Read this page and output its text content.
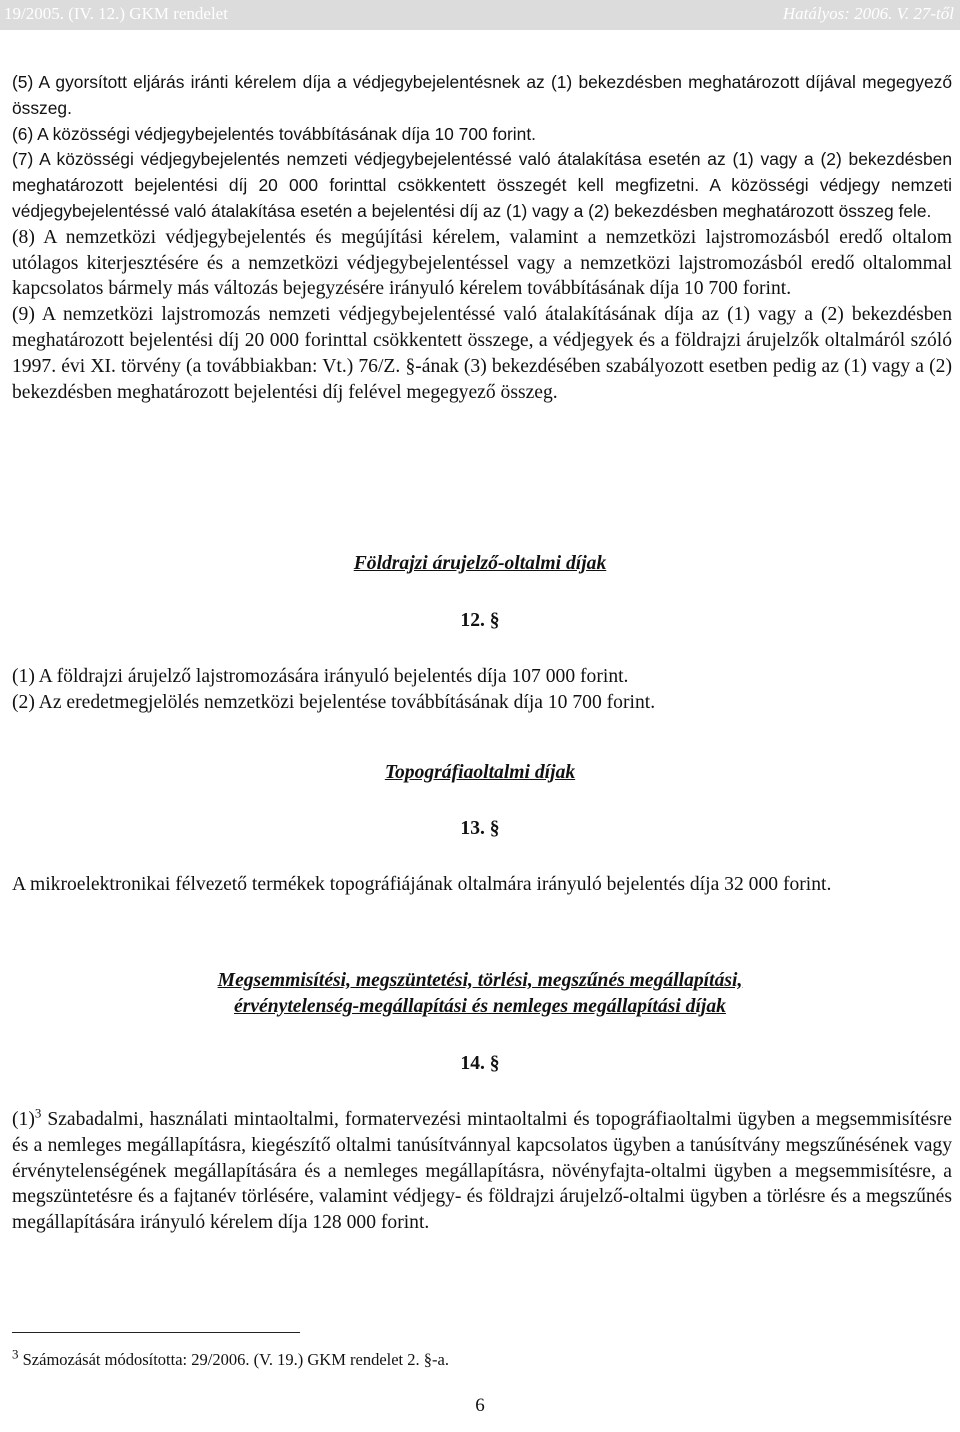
19/2005. (IV. 12.) GKM rendelet	Hatályos: 2006. V. 27-től

(5) A gyorsított eljárás iránti kérelem díja a védjegybejelentésnek az (1) bekezdésben meghatározott díjával megegyező összeg.

(6) A közösségi védjegybejelentés továbbításának díja 10 700 forint.

(7) A közösségi védjegybejelentés nemzeti védjegybejelentéssé való átalakítása esetén az (1) vagy a (2) bekezdésben meghatározott bejelentési díj 20 000 forinttal csökkentett összegét kell megfizetni. A közösségi védjegy nemzeti védjegybejelentéssé való átalakítása esetén a bejelentési díj az (1) vagy a (2) bekezdésben meghatározott összeg fele.

(8) A nemzetközi védjegybejelentés és megújítási kérelem, valamint a nemzetközi lajstromozásból eredő oltalom utólagos kiterjesztésére és a nemzetközi védjegybejelentéssel vagy a nemzetközi lajstromozásból eredő oltalommal kapcsolatos bármely más változás bejegyzésére irányuló kérelem továbbításának díja 10 700 forint.

(9) A nemzetközi lajstromozás nemzeti védjegybejelentéssé való átalakításának díja az (1) vagy a (2) bekezdésben meghatározott bejelentési díj 20 000 forinttal csökkentett összege, a védjegyek és a földrajzi árujelzők oltalmáról szóló 1997. évi XI. törvény (a továbbiakban: Vt.) 76/Z. §-ának (3) bekezdésében szabályozott esetben pedig az (1) vagy a (2) bekezdésben meghatározott bejelentési díj felével megegyező összeg.

Földrajzi árujelző-oltalmi díjak
12. §

(1) A földrajzi árujelző lajstromozására irányuló bejelentés díja 107 000 forint.

(2) Az eredetmegjelölés nemzetközi bejelentése továbbításának díja 10 700 forint.

Topográfiaoltalmi díjak
13. §

A mikroelektronikai félvezető termékek topográfiájának oltalmára irányuló bejelentés díja 32 000 forint.

Megsemmisítési, megszüntetési, törlési, megszűnés megállapítási,
érvénytelenség-megállapítási és nemleges megállapítási díjak
14. §

$(1)^3$ Szabadalmi, használati mintaoltalmi, formatervezési mintaoltalmi és topográfiaoltalmi ügyben a megsemmisítésre és a nemleges megállapításra, kiegészítő oltalmi tanúsítvánnyal kapcsolatos ügyben a tanúsítvány megszűnésének vagy érvénytelenségének megállapítására és a nemleges megállapításra, növényfajta-oltalmi ügyben a megsemmisítésre, a megszüntetésre és a fajtanév törlésére, valamint védjegy- és földrajzi árujelző-oltalmi ügyben a törlésre és a megszűnés megállapítására irányuló kérelem díja 128 000 forint.

$^3$ Számozását módosította: 29/2006. (V. 19.) GKM rendelet 2. §-a.
6
